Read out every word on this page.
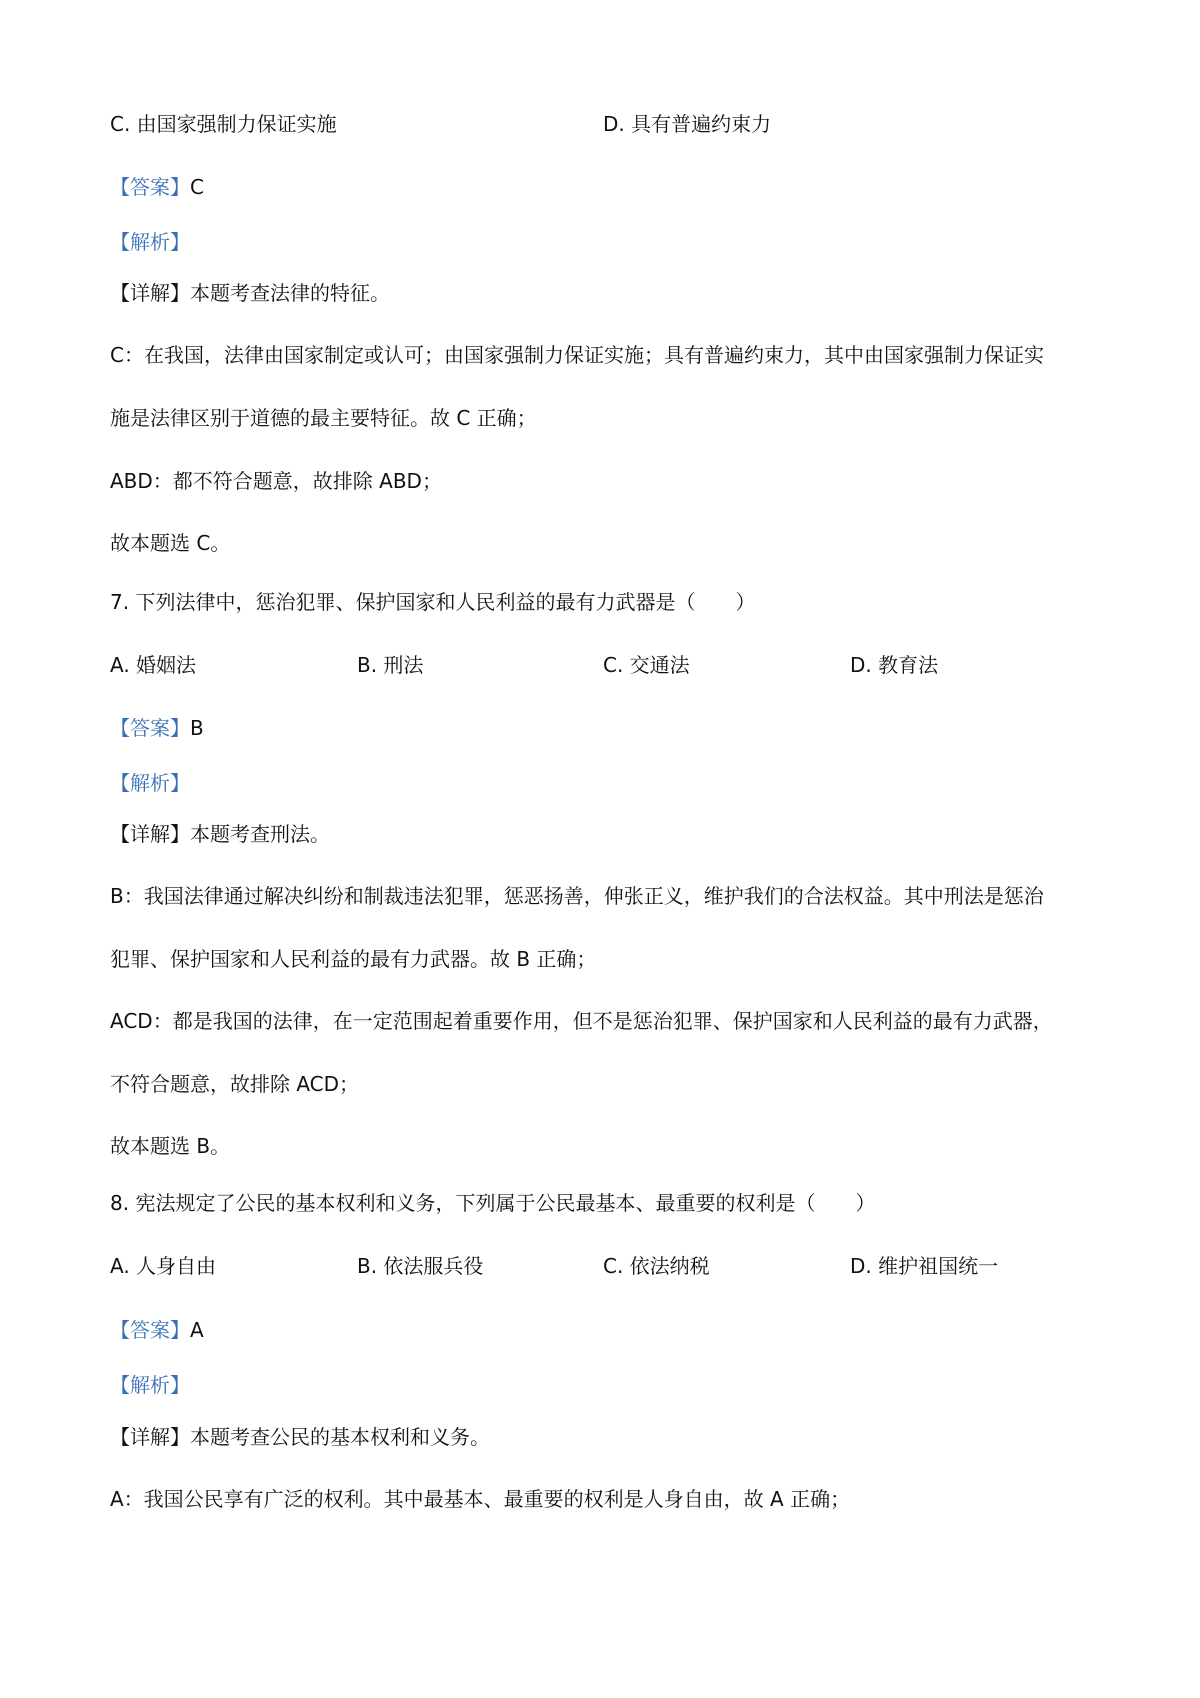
C. 由国家强制力保证实施	D. 具有普遍约束力
【答案】C
【解析】
【详解】本题考查法律的特征。
C：在我国，法律由国家制定或认可；由国家强制力保证实施；具有普遍约束力，其中由国家强制力保证实
施是法律区别于道德的最主要特征。故 C 正确；
ABD：都不符合题意，故排除 ABD；
故本题选 C。
7. 下列法律中，惩治犯罪、保护国家和人民利益的最有力武器是（　　）
A. 婚姻法	B. 刑法	C. 交通法	D. 教育法
【答案】B
【解析】
【详解】本题考查刑法。
B：我国法律通过解决纠纷和制裁违法犯罪，惩恶扬善，伸张正义，维护我们的合法权益。其中刑法是惩治
犯罪、保护国家和人民利益的最有力武器。故 B 正确；
ACD：都是我国的法律，在一定范围起着重要作用，但不是惩治犯罪、保护国家和人民利益的最有力武器，
不符合题意，故排除 ACD；
故本题选 B。
8. 宪法规定了公民的基本权利和义务，下列属于公民最基本、最重要的权利是（　　）
A. 人身自由	B. 依法服兵役	C. 依法纳税	D. 维护祖国统一
【答案】A
【解析】
【详解】本题考查公民的基本权利和义务。
A：我国公民享有广泛的权利。其中最基本、最重要的权利是人身自由，故 A 正确；
